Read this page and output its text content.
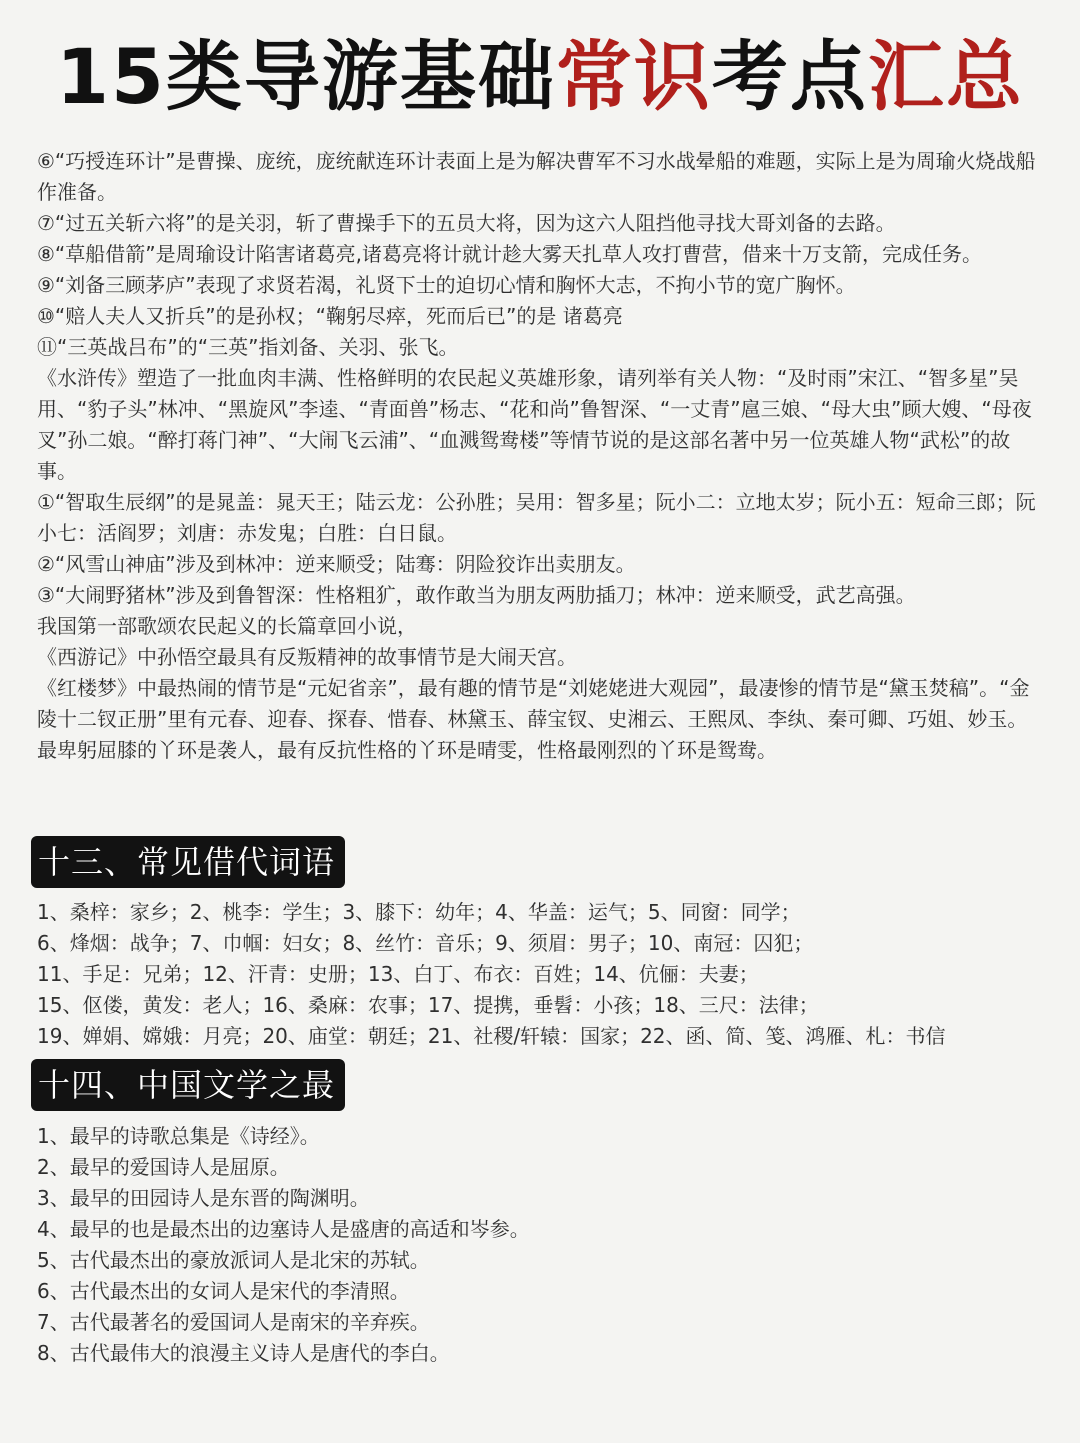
15类导游基础常识考点汇总

⑥“巧授连环计”是曹操、庞统，庞统献连环计表面上是为解决曹军不习水战晕船的难题，实际上是为周瑜火烧战船作准备。

⑦“过五关斩六将”的是关羽，斩了曹操手下的五员大将，因为这六人阻挡他寻找大哥刘备的去路。

⑧“草船借箭”是周瑜设计陷害诸葛亮,诸葛亮将计就计趁大雾天扎草人攻打曹营，借来十万支箭，完成任务。

⑨“刘备三顾茅庐”表现了求贤若渴，礼贤下士的迫切心情和胸怀大志，不拘小节的宽广胸怀。

⑩“赔人夫人又折兵”的是孙权；“鞠躬尽瘁，死而后已”的是 诸葛亮

⑪“三英战吕布”的“三英”指刘备、关羽、张飞。

《水浒传》塑造了一批血肉丰满、性格鲜明的农民起义英雄形象，请列举有关人物：“及时雨”宋江、“智多星”吴用、“豹子头”林冲、“黑旋风”李逵、“青面兽”杨志、“花和尚”鲁智深、“一丈青”扈三娘、“母大虫”顾大嫂、“母夜叉”孙二娘。“醉打蒋门神”、“大闹飞云浦”、“血溅鸳鸯楼”等情节说的是这部名著中另一位英雄人物“武松”的故事。

①“智取生辰纲”的是晁盖：晁天王；陆云龙：公孙胜；吴用：智多星；阮小二：立地太岁；阮小五：短命三郎；阮小七：活阎罗；刘唐：赤发鬼；白胜：白日鼠。

②“风雪山神庙”涉及到林冲：逆来顺受；陆骞：阴险狡诈出卖朋友。

③“大闹野猪林”涉及到鲁智深：性格粗犷，敢作敢当为朋友两肋插刀；林冲：逆来顺受，武艺高强。

我国第一部歌颂农民起义的长篇章回小说，

《西游记》中孙悟空最具有反叛精神的故事情节是大闹天宫。

《红楼梦》中最热闹的情节是“元妃省亲”，最有趣的情节是“刘姥姥进大观园”，最凄惨的情节是“黛玉焚稿”。“金陵十二钗正册”里有元春、迎春、探春、惜春、林黛玉、薛宝钗、史湘云、王熙凤、李纨、秦可卿、巧姐、妙玉。最卑躬屈膝的丫环是袭人，最有反抗性格的丫环是晴雯，性格最刚烈的丫环是鸳鸯。

十三、常见借代词语

1、桑梓：家乡；2、桃李：学生；3、膝下：幼年；4、华盖：运气；5、同窗：同学；

6、烽烟：战争；7、巾帼：妇女；8、丝竹：音乐；9、须眉：男子；10、南冠：囚犯；

11、手足：兄弟；12、汗青：史册；13、白丁、布衣：百姓；14、伉俪：夫妻；

15、伛偻，黄发：老人；16、桑麻：农事；17、提携，垂髫：小孩；18、三尺：法律；

19、婵娟、嫦娥：月亮；20、庙堂：朝廷；21、社稷/轩辕：国家；22、函、简、笺、鸿雁、札：书信

十四、中国文学之最

1、最早的诗歌总集是《诗经》。

2、最早的爱国诗人是屈原。

3、最早的田园诗人是东晋的陶渊明。

4、最早的也是最杰出的边塞诗人是盛唐的高适和岑参。

5、古代最杰出的豪放派词人是北宋的苏轼。

6、古代最杰出的女词人是宋代的李清照。

7、古代最著名的爱国词人是南宋的辛弃疾。

8、古代最伟大的浪漫主义诗人是唐代的李白。
